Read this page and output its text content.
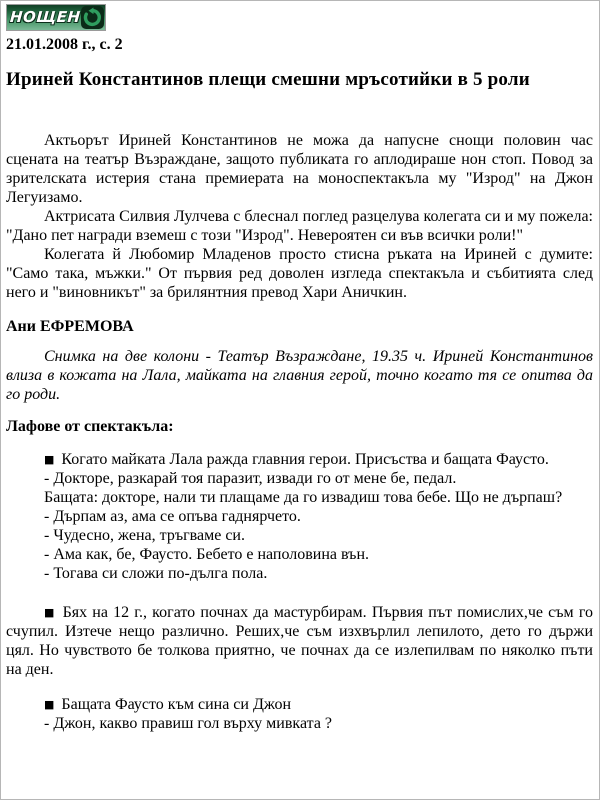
НОЩЕН
21.01.2008 г., с. 2
Ириней Константинов плещи смешни мръсотийки в 5 роли

Актьорът Ириней Константинов не можа да напусне снощи половин час сцената на театър Възраждане, защото публиката го аплодираше нон стоп. Повод за зрителската истерия стана премиерата на моноспектакъла му "Изрод" на Джон Легуизамо.

Актрисата Силвия Лулчева с блеснал поглед разцелува колегата си и му пожела: "Дано пет награди вземеш с този "Изрод". Невероятен си във всички роли!"

Колегата й Любомир Младенов просто стисна ръката на Ириней с думите: "Само така, мъжки." От първия ред доволен изгледа спектакъла и събитията след него и "виновникът" за брилянтния превод Хари Аничкин.

Ани ЕФРЕМОВА

Снимка на две колони - Театър Възраждане, 19.35 ч. Ириней Константинов влиза в кожата на Лала, майката на главния герой, точно когато тя се опитва да го роди.

Лафове от спектакъла:

■ Когато майката Лала ражда главния герои. Присъства и бащата Фаусто.

- Докторе, разкарай тоя паразит, извади го от мене бе, педал.

Бащата: докторе, нали ти плащаме да го извадиш това бебе. Що не дърпаш?

- Дърпам аз, ама се опъва гаднярчето.

- Чудесно, жена, тръгваме си.

- Ама как, бе, Фаусто. Бебето е наполовина вън.

- Тогава си сложи по-дълга пола.

■ Бях на 12 г., когато почнах да мастурбирам. Първия път помислих,че съм го счупил. Изтече нещо различно. Реших,че съм изхвърлил лепилото, дето го държи цял. Но чувството бе толкова приятно, че почнах да се излепилвам по няколко пъти на ден.

■ Бащата Фаусто към сина си Джон

- Джон, какво правиш гол върху мивката ?
